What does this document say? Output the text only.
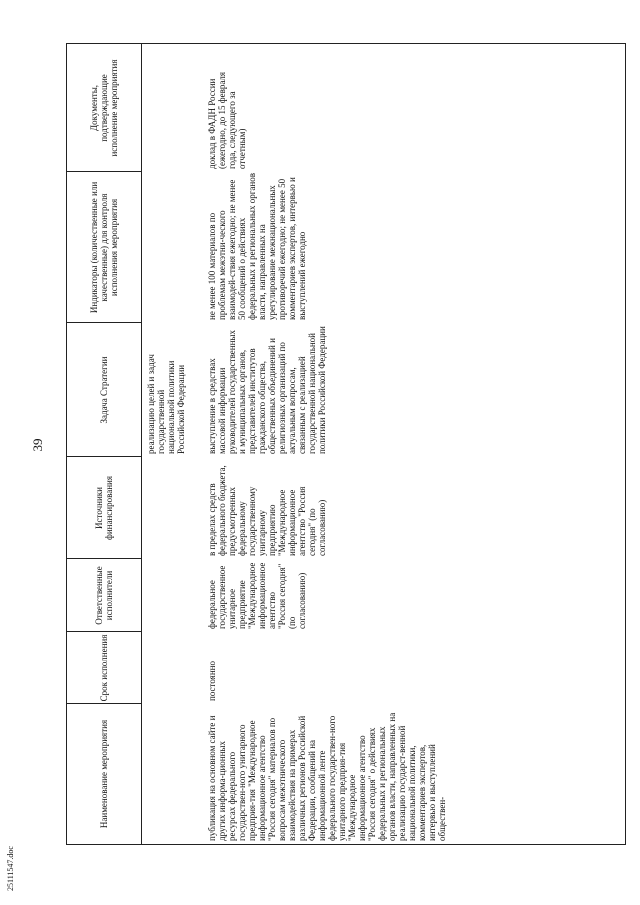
39
25111547.doc
Наименование мероприятия
Срок исполнения
Ответственные исполнители
Источники финансирования
Задача Стратегии
Индикаторы (количественные или качественные) для контроля исполнения мероприятия
Документы, подтверждающие исполнение мероприятия
реализацию целей и задач государственной национальной политики Российской Федерации
публикация на основном сайте и других информа-ционных ресурсах федерального государствен-ного унитарного предприя-тия "Международное информационное агентство "Россия сегодня" материалов по вопросам межэтнического взаимодействия на примерах различных регионов Российской Федерации, сообщений на информационной ленте федерального государствен-ного унитарного предприя-тия "Международное информационное агентство "Россия сегодня" о действиях федеральных и региональных органов власти, направленных на реализацию государст-венной национальной политики, комментариев экспертов, интервью и выступлений обществен-
постоянно
федеральное государственное унитарное предприятие "Международное информационное агентство "Россия сегодня" (по согласованию)
в пределах средств федерального бюджета, предусмотренных федеральному государственному унитарному предприятию "Международное информационное агентство "Россия сегодня" (по согласованию)
выступление в средствах массовой информации руководителей государственных и муниципальных органов, представителей институтов гражданского общества, общественных объединений и религиозных организаций по актуальным вопросам, связанным с реализацией государственной национальной политики Российской Федерации
не менее 100 материалов по проблемам межэтни-ческого взаимодей-ствия ежегодно; не менее 50 сообщений о действиях федеральных и региональных органов власти, направленных на урегулирование межнациональных противоречий ежегодно; не менее 50 комментариев экспертов, интервью и выступлений ежегодно
доклад в ФАДН России (ежегодно, до 15 февраля года, следующего за отчетным)
